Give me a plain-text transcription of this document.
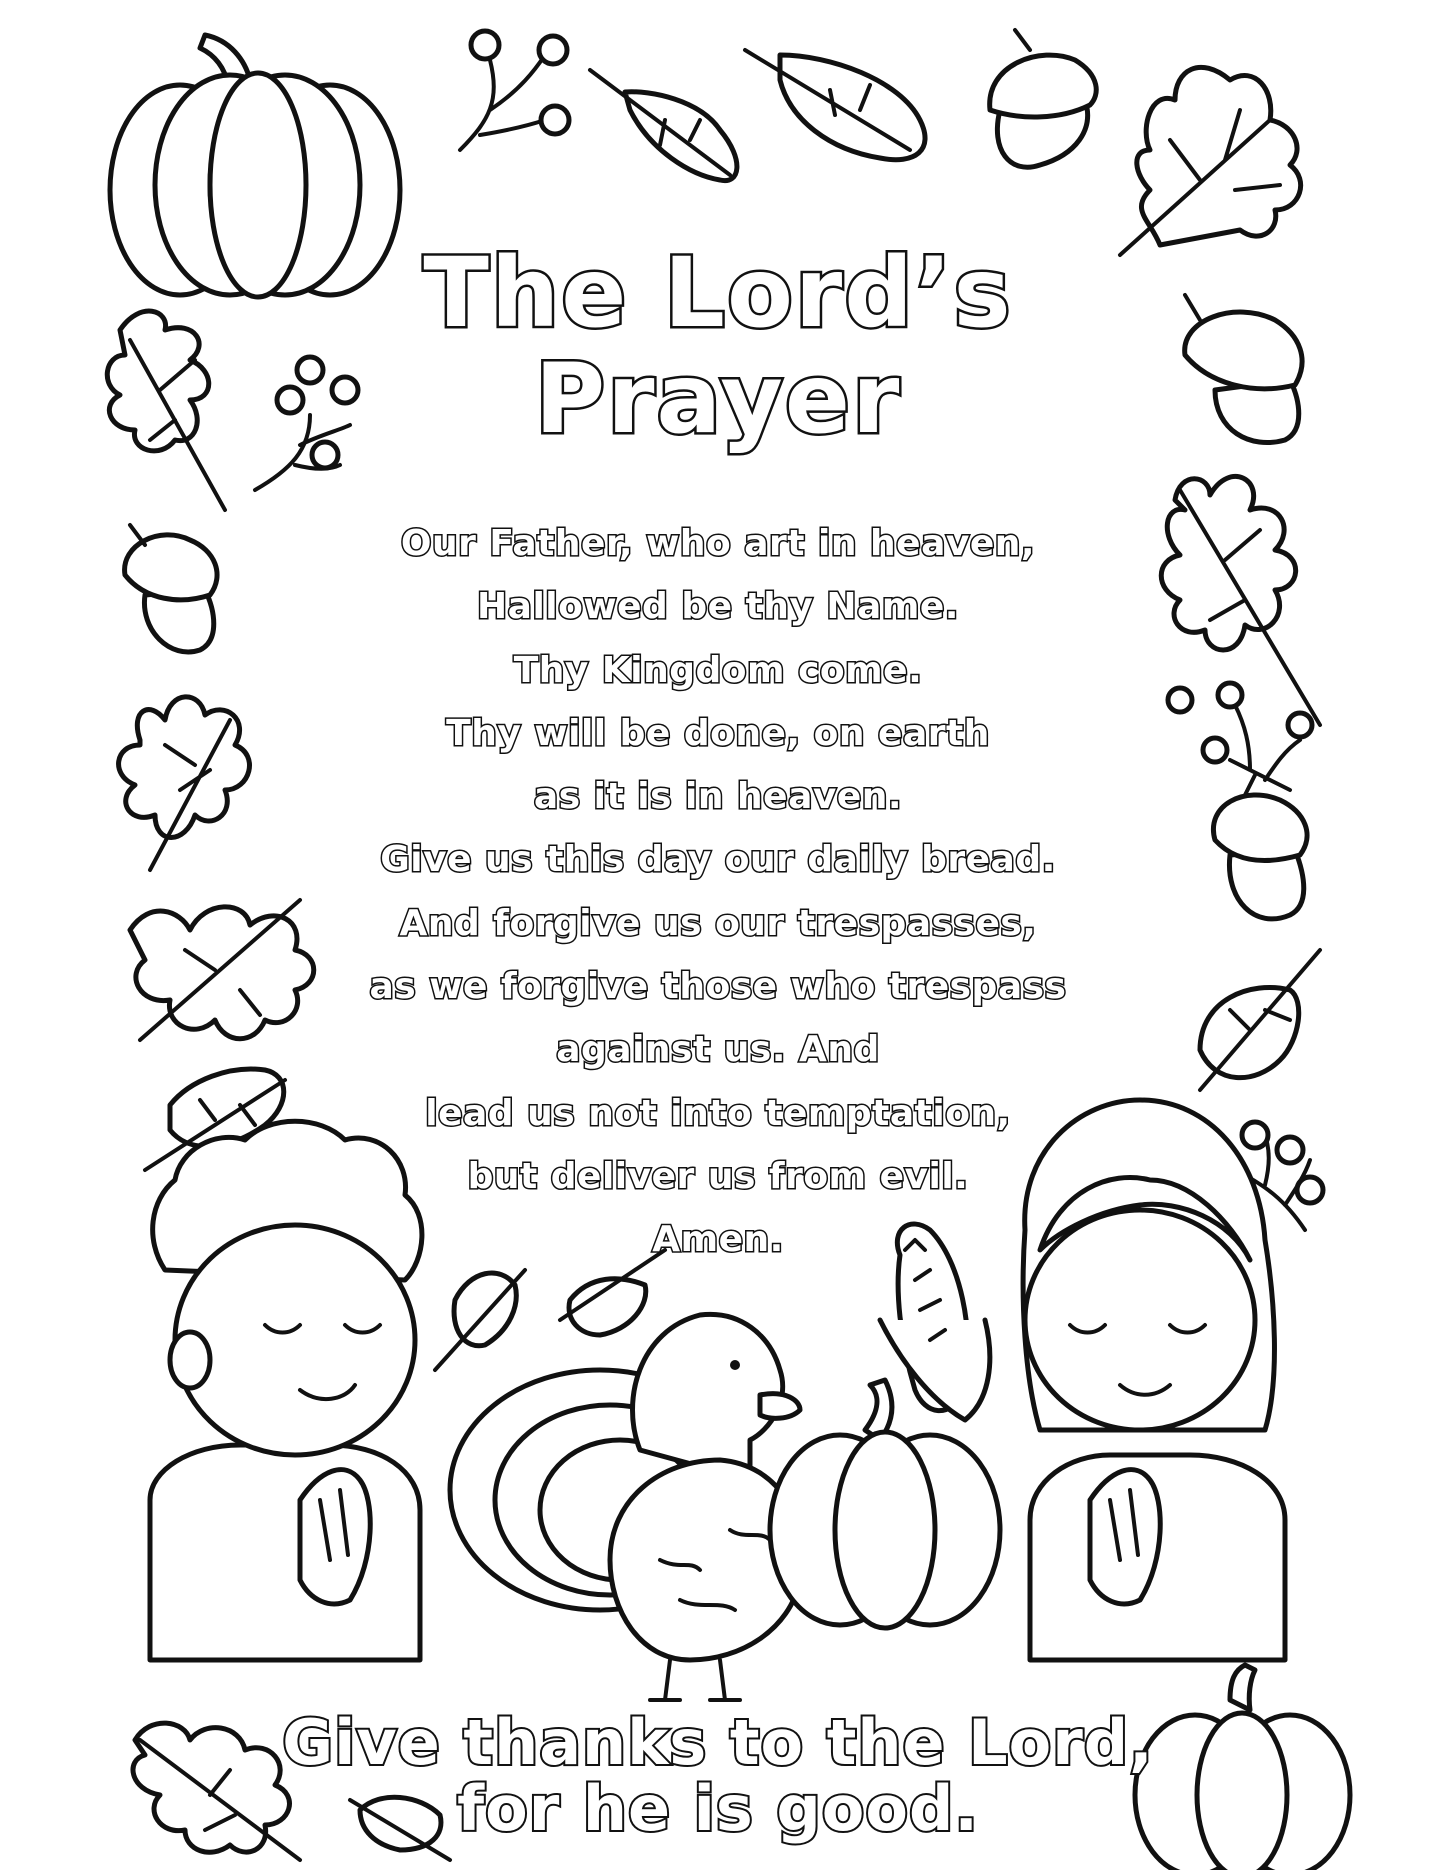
The Lord’s
Prayer
Our Father, who art in heaven,
Hallowed be thy Name.
Thy Kingdom come.
Thy will be done, on earth
as it is in heaven.
Give us this day our daily bread.
And forgive us our trespasses,
as we forgive those who trespass
against us. And
lead us not into temptation,
but deliver us from evil.
Amen.
Give thanks to the Lord,
for he is good.
